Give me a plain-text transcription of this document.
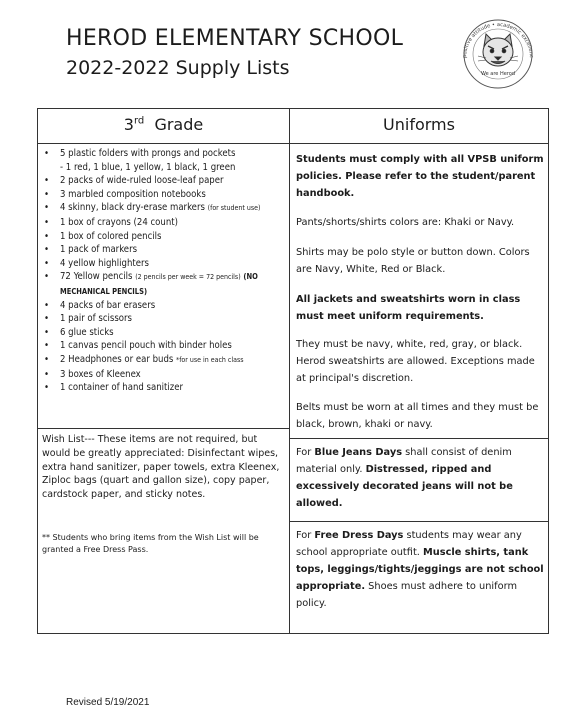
HEROD ELEMENTARY SCHOOL
2022-2022 Supply Lists
positive attitude • academic excellenc
We are Herod
3rd Grade	Uniforms
• 5 plastic folders with prongs and pockets
- 1 red, 1 blue, 1 yellow, 1 black, 1 green
• 2 packs of wide-ruled loose-leaf paper
• 3 marbled composition notebooks
• 4 skinny, black dry-erase markers (for student use)
• 1 box of crayons (24 count)
• 1 box of colored pencils
• 1 pack of markers
• 4 yellow highlighters
• 72 Yellow pencils (2 pencils per week = 72 pencils) (NO MECHANICAL PENCILS)
• 4 packs of bar erasers
• 1 pair of scissors
• 6 glue sticks
• 1 canvas pencil pouch with binder holes
• 2 Headphones or ear buds *for use in each class
• 3 boxes of Kleenex
• 1 container of hand sanitizer
Wish List--- These items are not required, but would be greatly appreciated: Disinfectant wipes, extra hand sanitizer, paper towels, extra Kleenex, Ziploc bags (quart and gallon size), copy paper, cardstock paper, and sticky notes.
** Students who bring items from the Wish List will be granted a Free Dress Pass.
Students must comply with all VPSB uniform policies. Please refer to the student/parent handbook.
Pants/shorts/shirts colors are: Khaki or Navy.
Shirts may be polo style or button down. Colors are Navy, White, Red or Black.
All jackets and sweatshirts worn in class must meet uniform requirements.
They must be navy, white, red, gray, or black. Herod sweatshirts are allowed. Exceptions made at principal's discretion.
Belts must be worn at all times and they must be black, brown, khaki or navy.
For Blue Jeans Days shall consist of denim material only. Distressed, ripped and excessively decorated jeans will not be allowed.
For Free Dress Days students may wear any school appropriate outfit. Muscle shirts, tank tops, leggings/tights/jeggings are not school appropriate. Shoes must adhere to uniform policy.
Revised 5/19/2021
